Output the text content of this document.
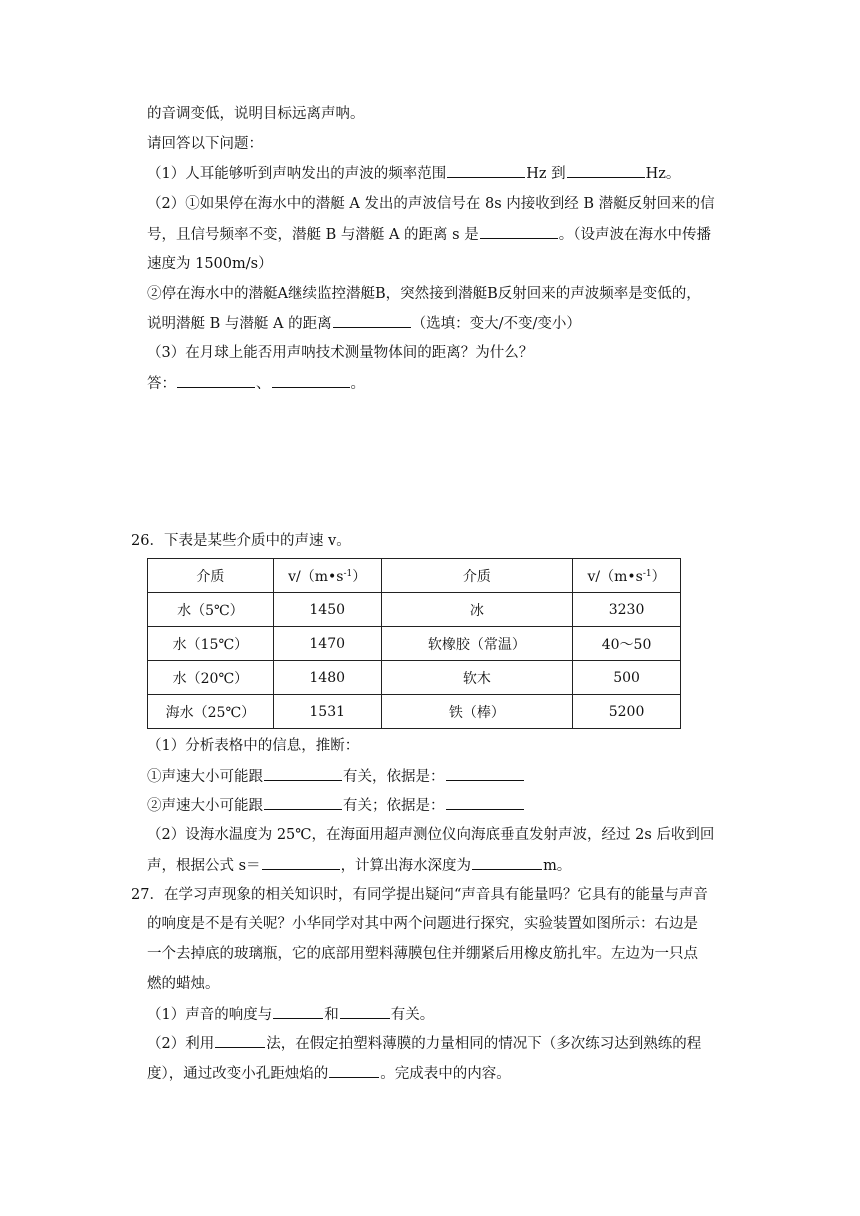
的音调变低，说明目标远离声呐。
请回答以下问题：
（1）人耳能够听到声呐发出的声波的频率范围	Hz 到	Hz。
（2）①如果停在海水中的潜艇 A 发出的声波信号在 8s 内接收到经 B 潜艇反射回来的信
号，且信号频率不变，潜艇 B 与潜艇 A 的距离 s 是	。（设声波在海水中传播
速度为 1500m/s）
②停在海水中的潜艇A继续监控潜艇B，突然接到潜艇B反射回来的声波频率是变低的，
说明潜艇 B 与潜艇 A 的距离	（选填：变大/不变/变小）
（3）在月球上能否用声呐技术测量物体间的距离？为什么？
答：	、	。
26．下表是某些介质中的声速 v。
介质	$v/(m•s^{-1})$	介质	$v/(m•s^{-1})$
水（5℃）	1450	冰	3230
水（15℃）	1470	软橡胶（常温）	40～50
水（20℃）	1480	软木	500
海水（25℃）	1531	铁（棒）	5200
（1）分析表格中的信息，推断：
①声速大小可能跟	有关，依据是：
②声速大小可能跟	有关；依据是：
（2）设海水温度为 25℃，在海面用超声测位仪向海底垂直发射声波，经过 2s 后收到回
声，根据公式 s＝	，计算出海水深度为	m。
27．在学习声现象的相关知识时，有同学提出疑问“声音具有能量吗？它具有的能量与声音
的响度是不是有关呢？小华同学对其中两个问题进行探究，实验装置如图所示：右边是
一个去掉底的玻璃瓶，它的底部用塑料薄膜包住并绷紧后用橡皮筋扎牢。左边为一只点
燃的蜡烛。
（1）声音的响度与	和	有关。
（2）利用	法，在假定拍塑料薄膜的力量相同的情况下（多次练习达到熟练的程
度），通过改变小孔距烛焰的	。完成表中的内容。
